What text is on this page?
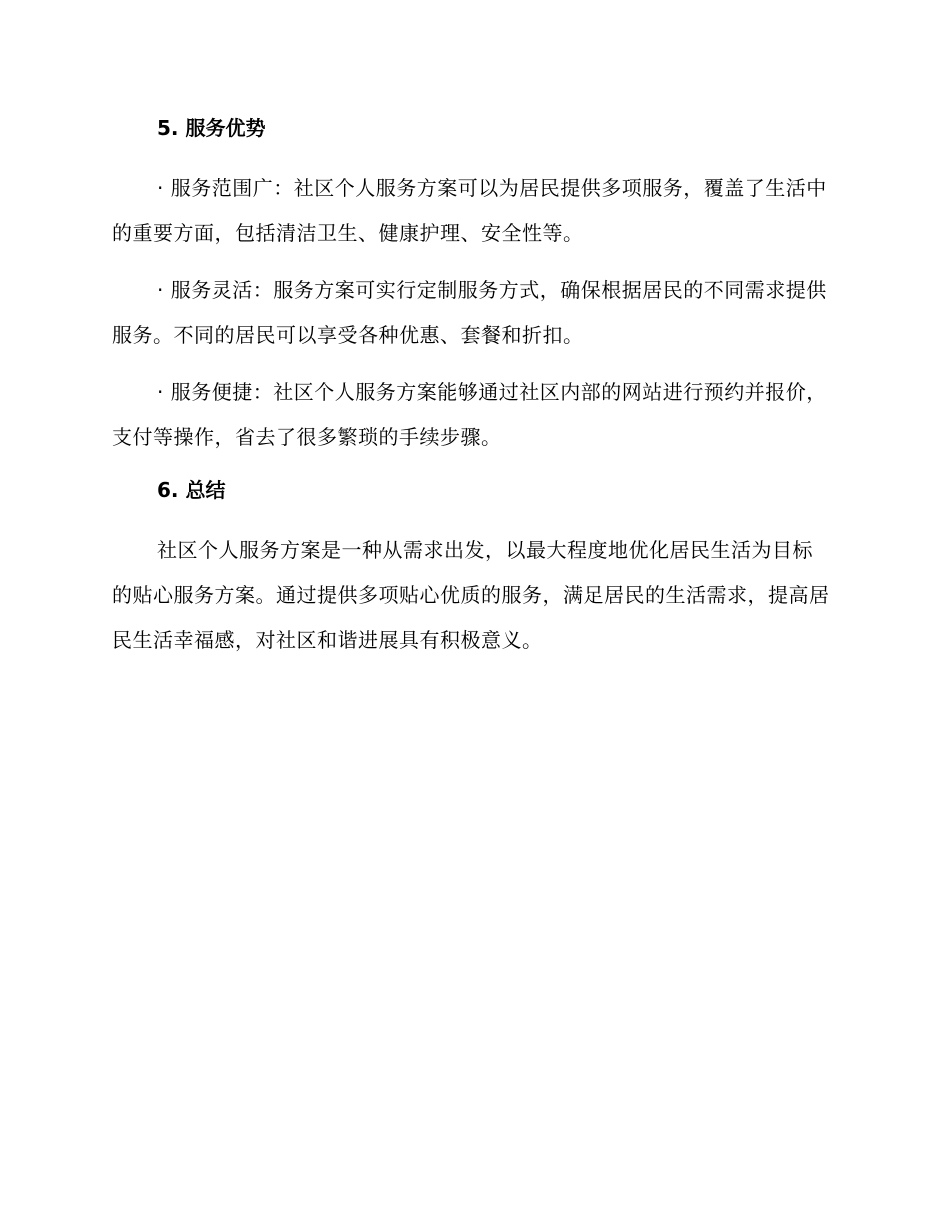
5. 服务优势

· 服务范围广：社区个人服务方案可以为居民提供多项服务，覆盖了生活中的重要方面，包括清洁卫生、健康护理、安全性等。

· 服务灵活：服务方案可实行定制服务方式，确保根据居民的不同需求提供服务。不同的居民可以享受各种优惠、套餐和折扣。

· 服务便捷：社区个人服务方案能够通过社区内部的网站进行预约并报价，支付等操作，省去了很多繁琐的手续步骤。

6. 总结

社区个人服务方案是一种从需求出发，以最大程度地优化居民生活为目标的贴心服务方案。通过提供多项贴心优质的服务，满足居民的生活需求，提高居民生活幸福感，对社区和谐进展具有积极意义。
